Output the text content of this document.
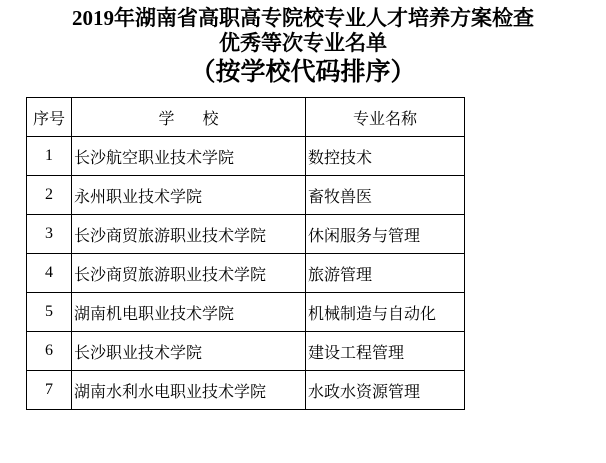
2019年湖南省高职高专院校专业人才培养方案检查
优秀等次专业名单
（按学校代码排序）
序号	学 校	专业名称
1	长沙航空职业技术学院	数控技术
2	永州职业技术学院	畜牧兽医
3	长沙商贸旅游职业技术学院	休闲服务与管理
4	长沙商贸旅游职业技术学院	旅游管理
5	湖南机电职业技术学院	机械制造与自动化
6	长沙职业技术学院	建设工程管理
7	湖南水利水电职业技术学院	水政水资源管理
